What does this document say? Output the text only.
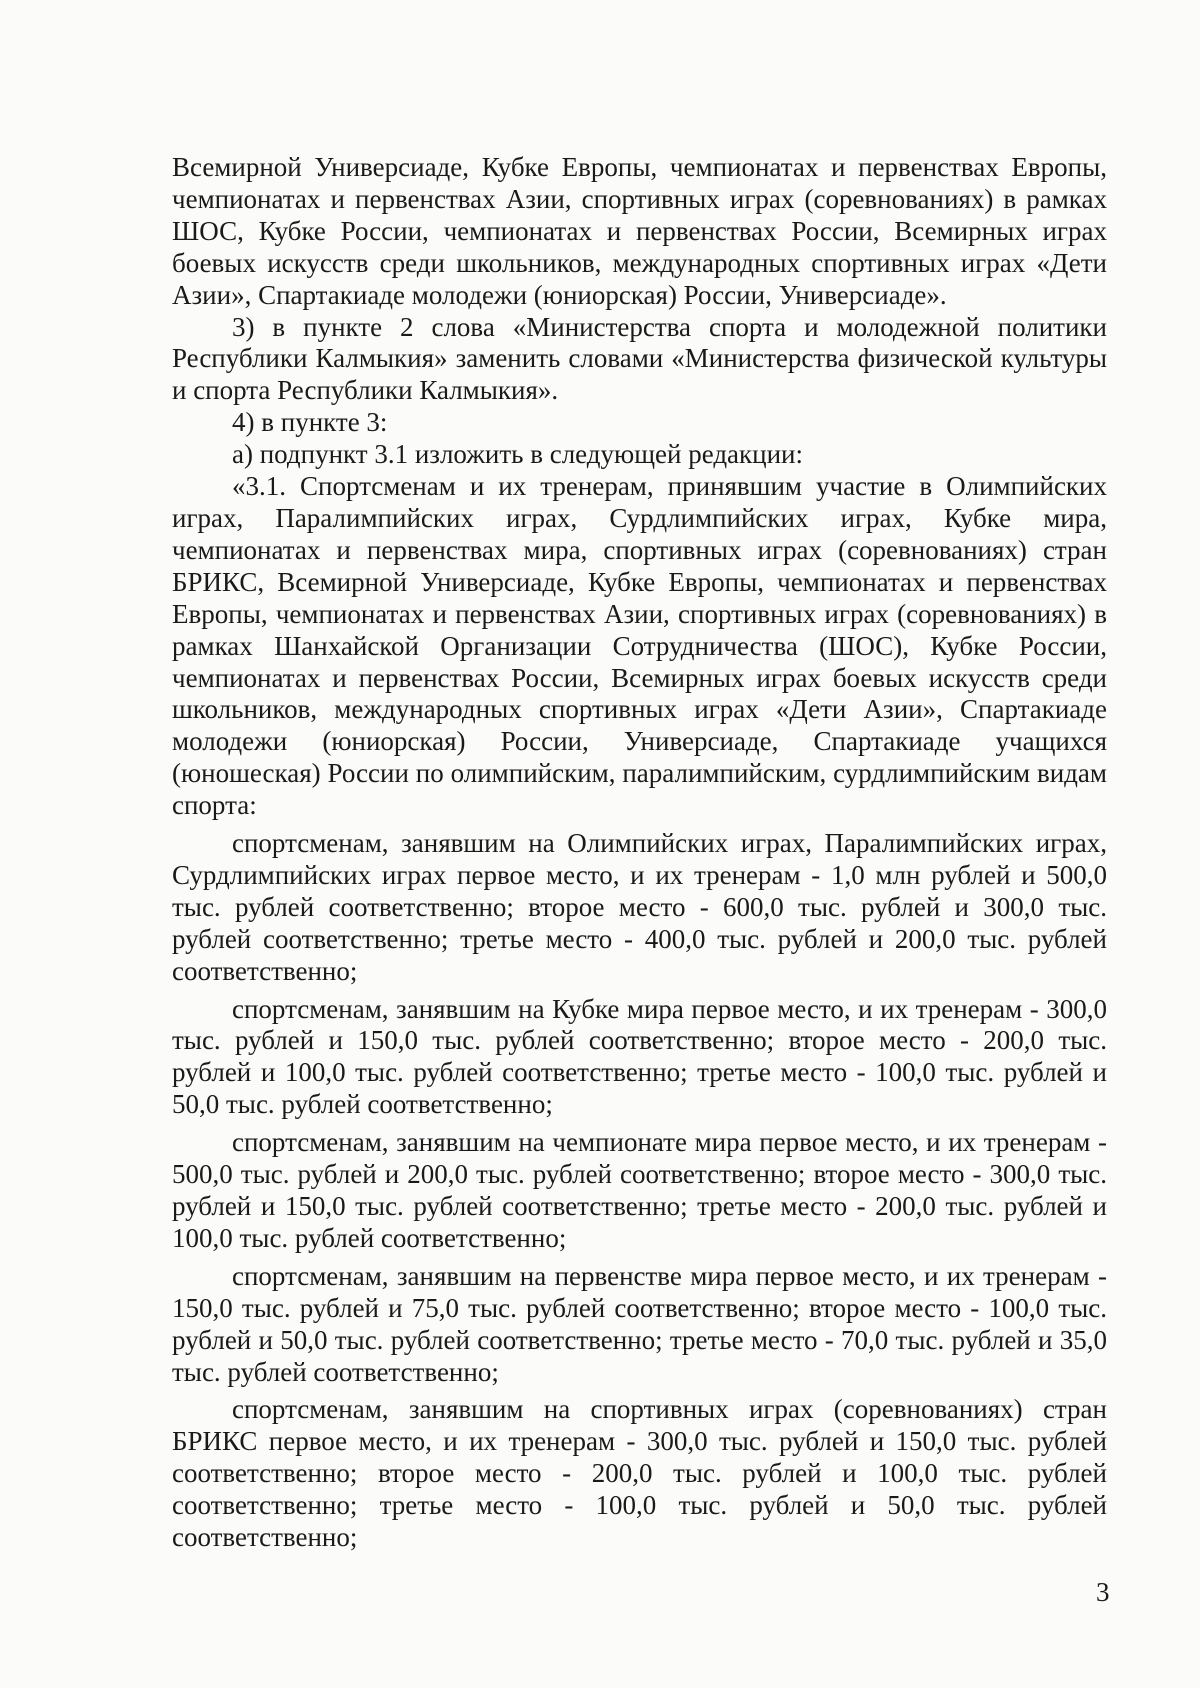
Всемирной Универсиаде, Кубке Европы, чемпионатах и первенствах Европы, чемпионатах и первенствах Азии, спортивных играх (соревнованиях) в рамках ШОС, Кубке России, чемпионатах и первенствах России, Всемирных играх боевых искусств среди школьников, международных спортивных играх «Дети Азии», Спартакиаде молодежи (юниорская) России, Универсиаде».

3) в пункте 2 слова «Министерства спорта и молодежной политики Республики Калмыкия» заменить словами «Министерства физической культуры и спорта Республики Калмыкия».

4) в пункте 3:

а) подпункт 3.1 изложить в следующей редакции:

«3.1. Спортсменам и их тренерам, принявшим участие в Олимпийских играх, Паралимпийских играх, Сурдлимпийских играх, Кубке мира, чемпионатах и первенствах мира, спортивных играх (соревнованиях) стран БРИКС, Всемирной Универсиаде, Кубке Европы, чемпионатах и первенствах Европы, чемпионатах и первенствах Азии, спортивных играх (соревнованиях) в рамках Шанхайской Организации Сотрудничества (ШОС), Кубке России, чемпионатах и первенствах России, Всемирных играх боевых искусств среди школьников, международных спортивных играх «Дети Азии», Спартакиаде молодежи (юниорская) России, Универсиаде, Спартакиаде учащихся (юношеская) России по олимпийским, паралимпийским, сурдлимпийским видам спорта:

спортсменам, занявшим на Олимпийских играх, Паралимпийских играх, Сурдлимпийских играх первое место, и их тренерам - 1,0 млн рублей и 500,0 тыс. рублей соответственно; второе место - 600,0 тыс. рублей и 300,0 тыс. рублей соответственно; третье место - 400,0 тыс. рублей и 200,0 тыс. рублей соответственно;

спортсменам, занявшим на Кубке мира первое место, и их тренерам - 300,0 тыс. рублей и 150,0 тыс. рублей соответственно; второе место - 200,0 тыс. рублей и 100,0 тыс. рублей соответственно; третье место - 100,0 тыс. рублей и 50,0 тыс. рублей соответственно;

спортсменам, занявшим на чемпионате мира первое место, и их тренерам - 500,0 тыс. рублей и 200,0 тыс. рублей соответственно; второе место - 300,0 тыс. рублей и 150,0 тыс. рублей соответственно; третье место - 200,0 тыс. рублей и 100,0 тыс. рублей соответственно;

спортсменам, занявшим на первенстве мира первое место, и их тренерам - 150,0 тыс. рублей и 75,0 тыс. рублей соответственно; второе место - 100,0 тыс. рублей и 50,0 тыс. рублей соответственно; третье место - 70,0 тыс. рублей и 35,0 тыс. рублей соответственно;

спортсменам, занявшим на спортивных играх (соревнованиях) стран БРИКС первое место, и их тренерам - 300,0 тыс. рублей и 150,0 тыс. рублей соответственно; второе место - 200,0 тыс. рублей и 100,0 тыс. рублей соответственно; третье место - 100,0 тыс. рублей и 50,0 тыс. рублей соответственно;

3
